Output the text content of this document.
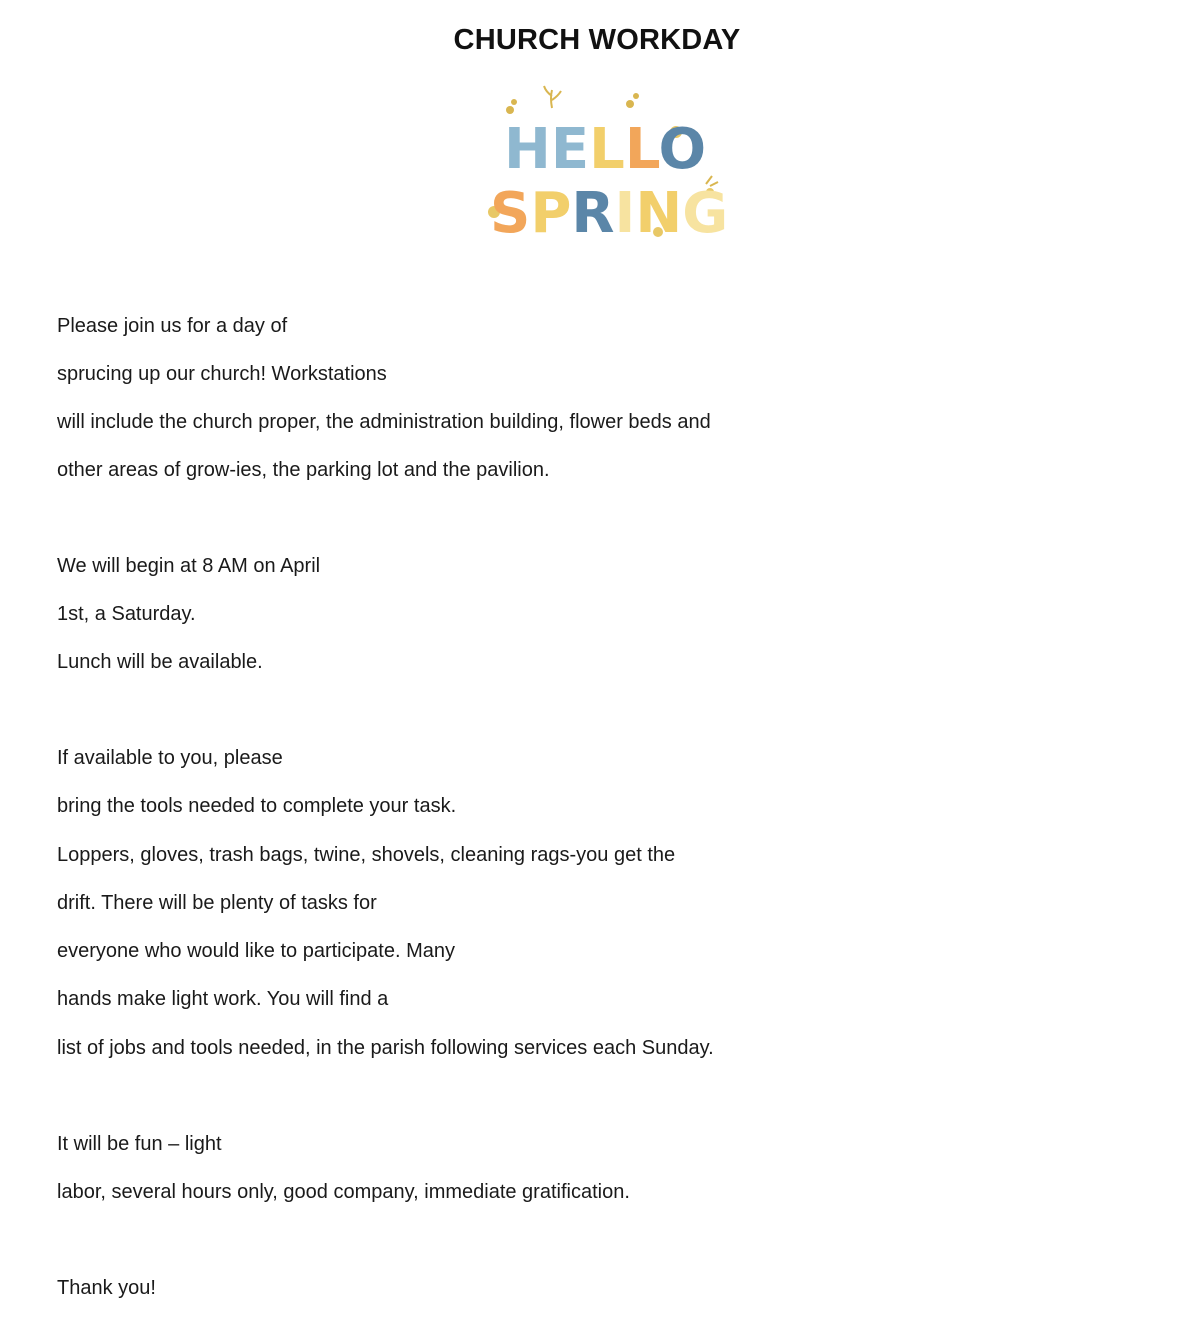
CHURCH WORKDAY
HELLO
SPRING

Please join us for a day of

sprucing up our church! Workstations

will include the church proper, the administration building, flower beds and

other areas of grow-ies, the parking lot and the pavilion.

We will begin at 8 AM on April

1st, a Saturday.

Lunch will be available.

If available to you, please

bring the tools needed to complete your task.

Loppers, gloves, trash bags, twine, shovels, cleaning rags-you get the

drift. There will be plenty of tasks for

everyone who would like to participate. Many

hands make light work. You will find a

list of jobs and tools needed, in the parish following services each Sunday.

It will be fun – light

labor, several hours only, good company, immediate gratification.

Thank you!
